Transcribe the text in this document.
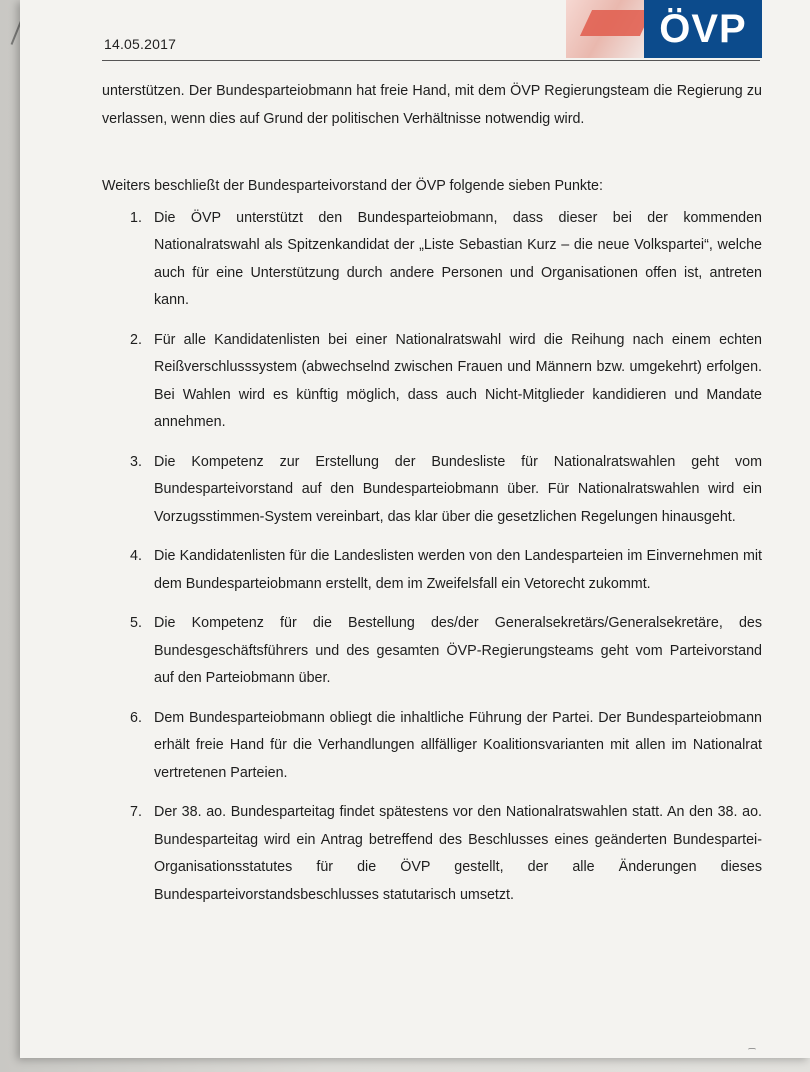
14.05.2017	ÖVP

unterstützen. Der Bundesparteiobmann hat freie Hand, mit dem ÖVP Regierungsteam die Regierung zu verlassen, wenn dies auf Grund der politischen Verhältnisse notwendig wird.

Weiters beschließt der Bundesparteivorstand der ÖVP folgende sieben Punkte:

1. Die ÖVP unterstützt den Bundesparteiobmann, dass dieser bei der kommenden Nationalratswahl als Spitzenkandidat der „Liste Sebastian Kurz – die neue Volkspartei“, welche auch für eine Unterstützung durch andere Personen und Organisationen offen ist, antreten kann.
2. Für alle Kandidatenlisten bei einer Nationalratswahl wird die Reihung nach einem echten Reißverschlusssystem (abwechselnd zwischen Frauen und Männern bzw. umgekehrt) erfolgen. Bei Wahlen wird es künftig möglich, dass auch Nicht-Mitglieder kandidieren und Mandate annehmen.
3. Die Kompetenz zur Erstellung der Bundesliste für Nationalratswahlen geht vom Bundesparteivorstand auf den Bundesparteiobmann über. Für Nationalratswahlen wird ein Vorzugsstimmen-System vereinbart, das klar über die gesetzlichen Regelungen hinausgeht.
4. Die Kandidatenlisten für die Landeslisten werden von den Landesparteien im Einvernehmen mit dem Bundesparteiobmann erstellt, dem im Zweifelsfall ein Vetorecht zukommt.
5. Die Kompetenz für die Bestellung des/der Generalsekretärs/Generalsekretäre, des Bundesgeschäftsführers und des gesamten ÖVP-Regierungsteams geht vom Parteivorstand auf den Parteiobmann über.
6. Dem Bundesparteiobmann obliegt die inhaltliche Führung der Partei. Der Bundesparteiobmann erhält freie Hand für die Verhandlungen allfälliger Koalitionsvarianten mit allen im Nationalrat vertretenen Parteien.
7. Der 38. ao. Bundesparteitag findet spätestens vor den Nationalratswahlen statt. An den 38. ao. Bundesparteitag wird ein Antrag betreffend des Beschlusses eines geänderten Bundespartei-Organisationsstatutes für die ÖVP gestellt, der alle Änderungen dieses Bundesparteivorstandsbeschlusses statutarisch umsetzt.
